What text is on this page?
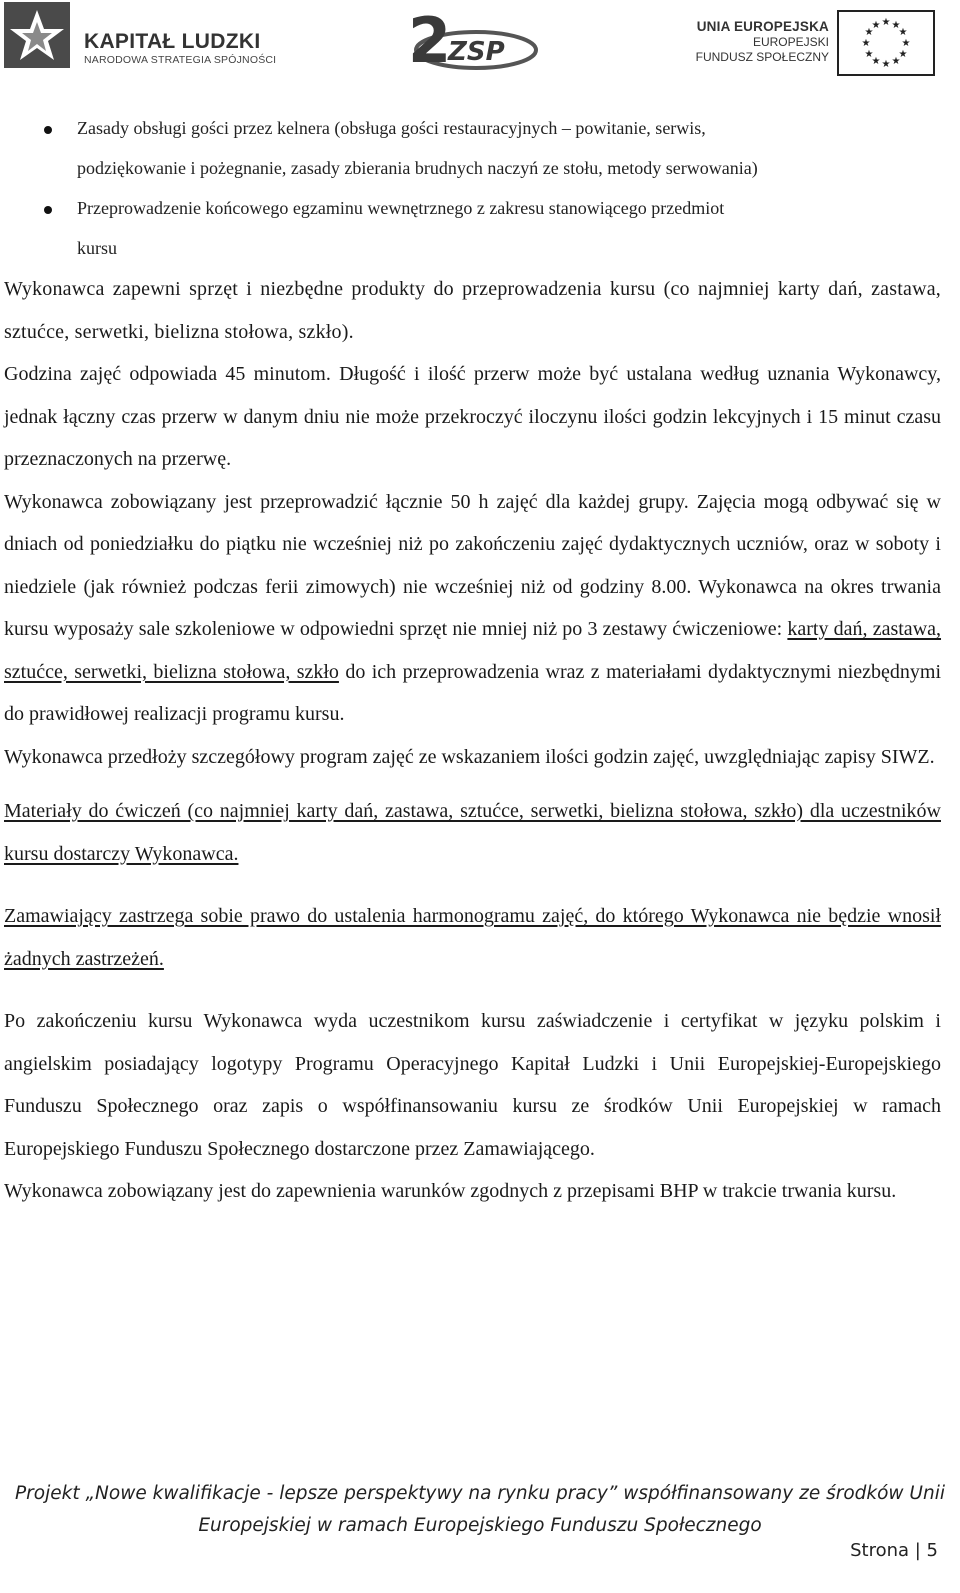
KAPITAŁ LUDZKI
NARODOWA STRATEGIA SPÓJNOŚCI 2
ZSP
UNIA EUROPEJSKA
EUROPEJSKI
FUNDUSZ SPOŁECZNY
★ ★
★
★
★
★
★
★
★
★
★
★
Zasady obsługi gości przez kelnera (obsługa gości restauracyjnych – powitanie, serwis,
podziękowanie i pożegnanie, zasady zbierania brudnych naczyń ze stołu, metody serwowania)
Przeprowadzenie końcowego egzaminu wewnętrznego z zakresu stanowiącego przedmiot
kursu

Wykonawca zapewni sprzęt i niezbędne produkty do przeprowadzenia kursu (co najmniej karty dań, zastawa, sztućce, serwetki, bielizna stołowa, szkło).

Godzina zajęć odpowiada 45 minutom. Długość i ilość przerw może być ustalana według uznania Wykonawcy, jednak łączny czas przerw w danym dniu nie może przekroczyć iloczynu ilości godzin lekcyjnych i 15 minut czasu przeznaczonych na przerwę.

Wykonawca zobowiązany jest przeprowadzić łącznie 50 h zajęć dla każdej grupy. Zajęcia mogą odbywać się w dniach od poniedziałku do piątku nie wcześniej niż po zakończeniu zajęć dydaktycznych uczniów, oraz w soboty i niedziele (jak również podczas ferii zimowych) nie wcześniej niż od godziny 8.00. Wykonawca na okres trwania kursu wyposaży sale szkoleniowe w odpowiedni sprzęt nie mniej niż po 3 zestawy ćwiczeniowe: karty dań, zastawa, sztućce, serwetki, bielizna stołowa, szkło do ich przeprowadzenia wraz z materiałami dydaktycznymi niezbędnymi do prawidłowej realizacji programu kursu.

Wykonawca przedłoży szczegółowy program zajęć ze wskazaniem ilości godzin zajęć, uwzględniając zapisy SIWZ.

Materiały do ćwiczeń (co najmniej karty dań, zastawa, sztućce, serwetki, bielizna stołowa, szkło) dla uczestników kursu dostarczy Wykonawca.

Zamawiający zastrzega sobie prawo do ustalenia harmonogramu zajęć, do którego Wykonawca nie będzie wnosił żadnych zastrzeżeń.

Po zakończeniu kursu Wykonawca wyda uczestnikom kursu zaświadczenie i certyfikat w języku polskim i angielskim posiadający logotypy Programu Operacyjnego Kapitał Ludzki i Unii Europejskiej-Europejskiego Funduszu Społecznego oraz zapis o współfinansowaniu kursu ze środków Unii Europejskiej w ramach Europejskiego Funduszu Społecznego dostarczone przez Zamawiającego.

Wykonawca zobowiązany jest do zapewnienia warunków zgodnych z przepisami BHP w trakcie trwania kursu.

Projekt „Nowe kwalifikacje - lepsze perspektywy na rynku pracy” współfinansowany ze środków Unii
Europejskiej w ramach Europejskiego Funduszu Społecznego
Strona | 5
